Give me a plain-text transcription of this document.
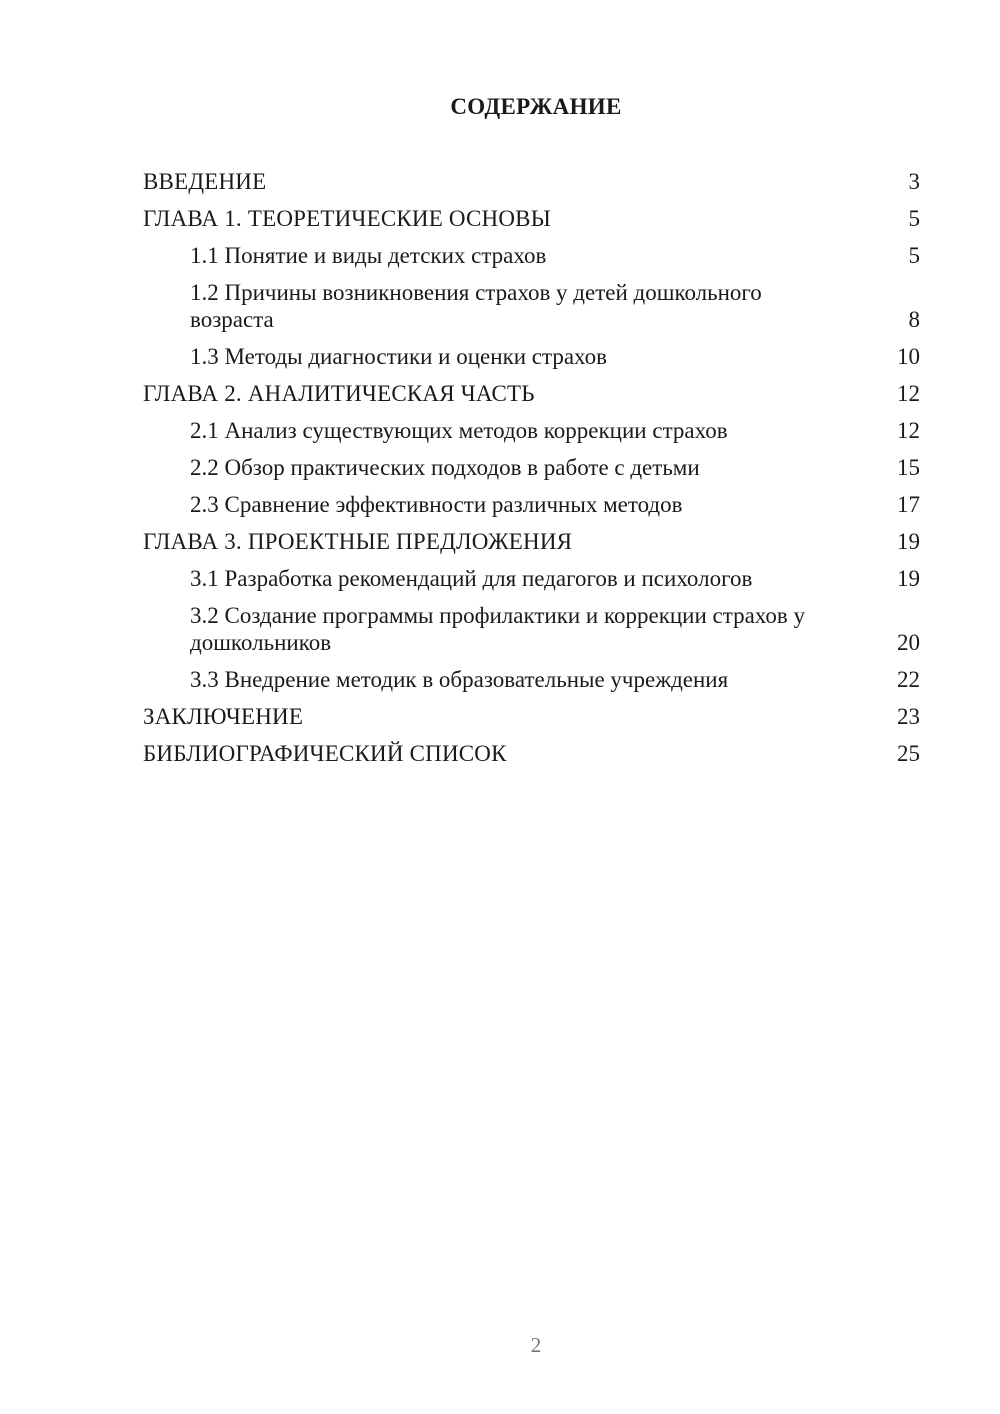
СОДЕРЖАНИЕ
ВВЕДЕНИЕ	3
ГЛАВА 1. ТЕОРЕТИЧЕСКИЕ ОСНОВЫ	5
1.1 Понятие и виды детских страхов	5
1.2 Причины возникновения страхов у детей дошкольного возраста	8
1.3 Методы диагностики и оценки страхов	10
ГЛАВА 2. АНАЛИТИЧЕСКАЯ ЧАСТЬ	12
2.1 Анализ существующих методов коррекции страхов	12
2.2 Обзор практических подходов в работе с детьми	15
2.3 Сравнение эффективности различных методов	17
ГЛАВА 3. ПРОЕКТНЫЕ ПРЕДЛОЖЕНИЯ	19
3.1 Разработка рекомендаций для педагогов и психологов	19
3.2 Создание программы профилактики и коррекции страхов у дошкольников	20
3.3 Внедрение методик в образовательные учреждения	22
ЗАКЛЮЧЕНИЕ	23
БИБЛИОГРАФИЧЕСКИЙ СПИСОК	25
2
